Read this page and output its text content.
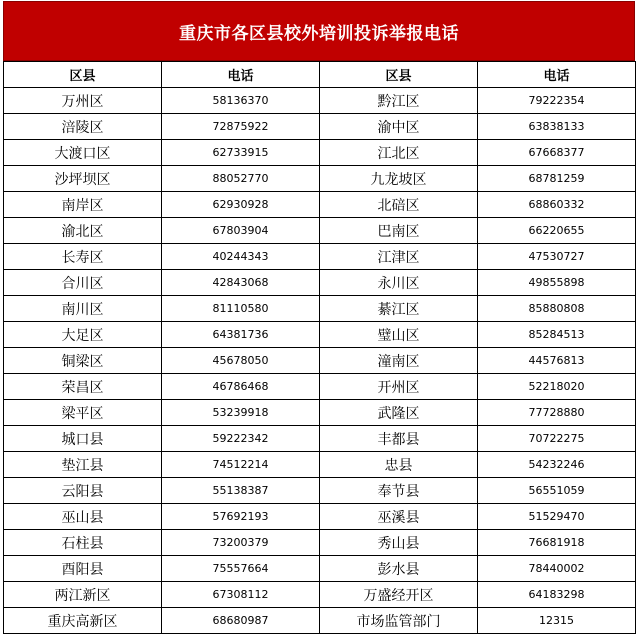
重庆市各区县校外培训投诉举报电话
区县	电话	区县	电话
万州区	58136370	黔江区	79222354
涪陵区	72875922	渝中区	63838133
大渡口区	62733915	江北区	67668377
沙坪坝区	88052770	九龙坡区	68781259
南岸区	62930928	北碚区	68860332
渝北区	67803904	巴南区	66220655
长寿区	40244343	江津区	47530727
合川区	42843068	永川区	49855898
南川区	81110580	綦江区	85880808
大足区	64381736	璧山区	85284513
铜梁区	45678050	潼南区	44576813
荣昌区	46786468	开州区	52218020
梁平区	53239918	武隆区	77728880
城口县	59222342	丰都县	70722275
垫江县	74512214	忠县	54232246
云阳县	55138387	奉节县	56551059
巫山县	57692193	巫溪县	51529470
石柱县	73200379	秀山县	76681918
酉阳县	75557664	彭水县	78440002
两江新区	67308112	万盛经开区	64183298
重庆高新区	68680987	市场监管部门	12315
